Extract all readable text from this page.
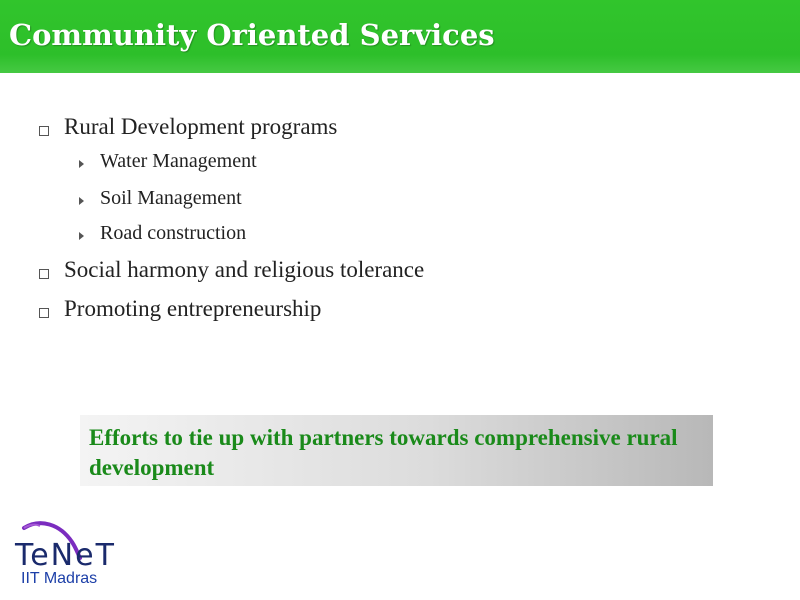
Community Oriented Services
Rural Development programs
Water Management
Soil Management
Road construction
Social harmony and religious tolerance
Promoting entrepreneurship
Efforts to tie up with partners towards comprehensive rural development
TeNeT
IIT Madras
